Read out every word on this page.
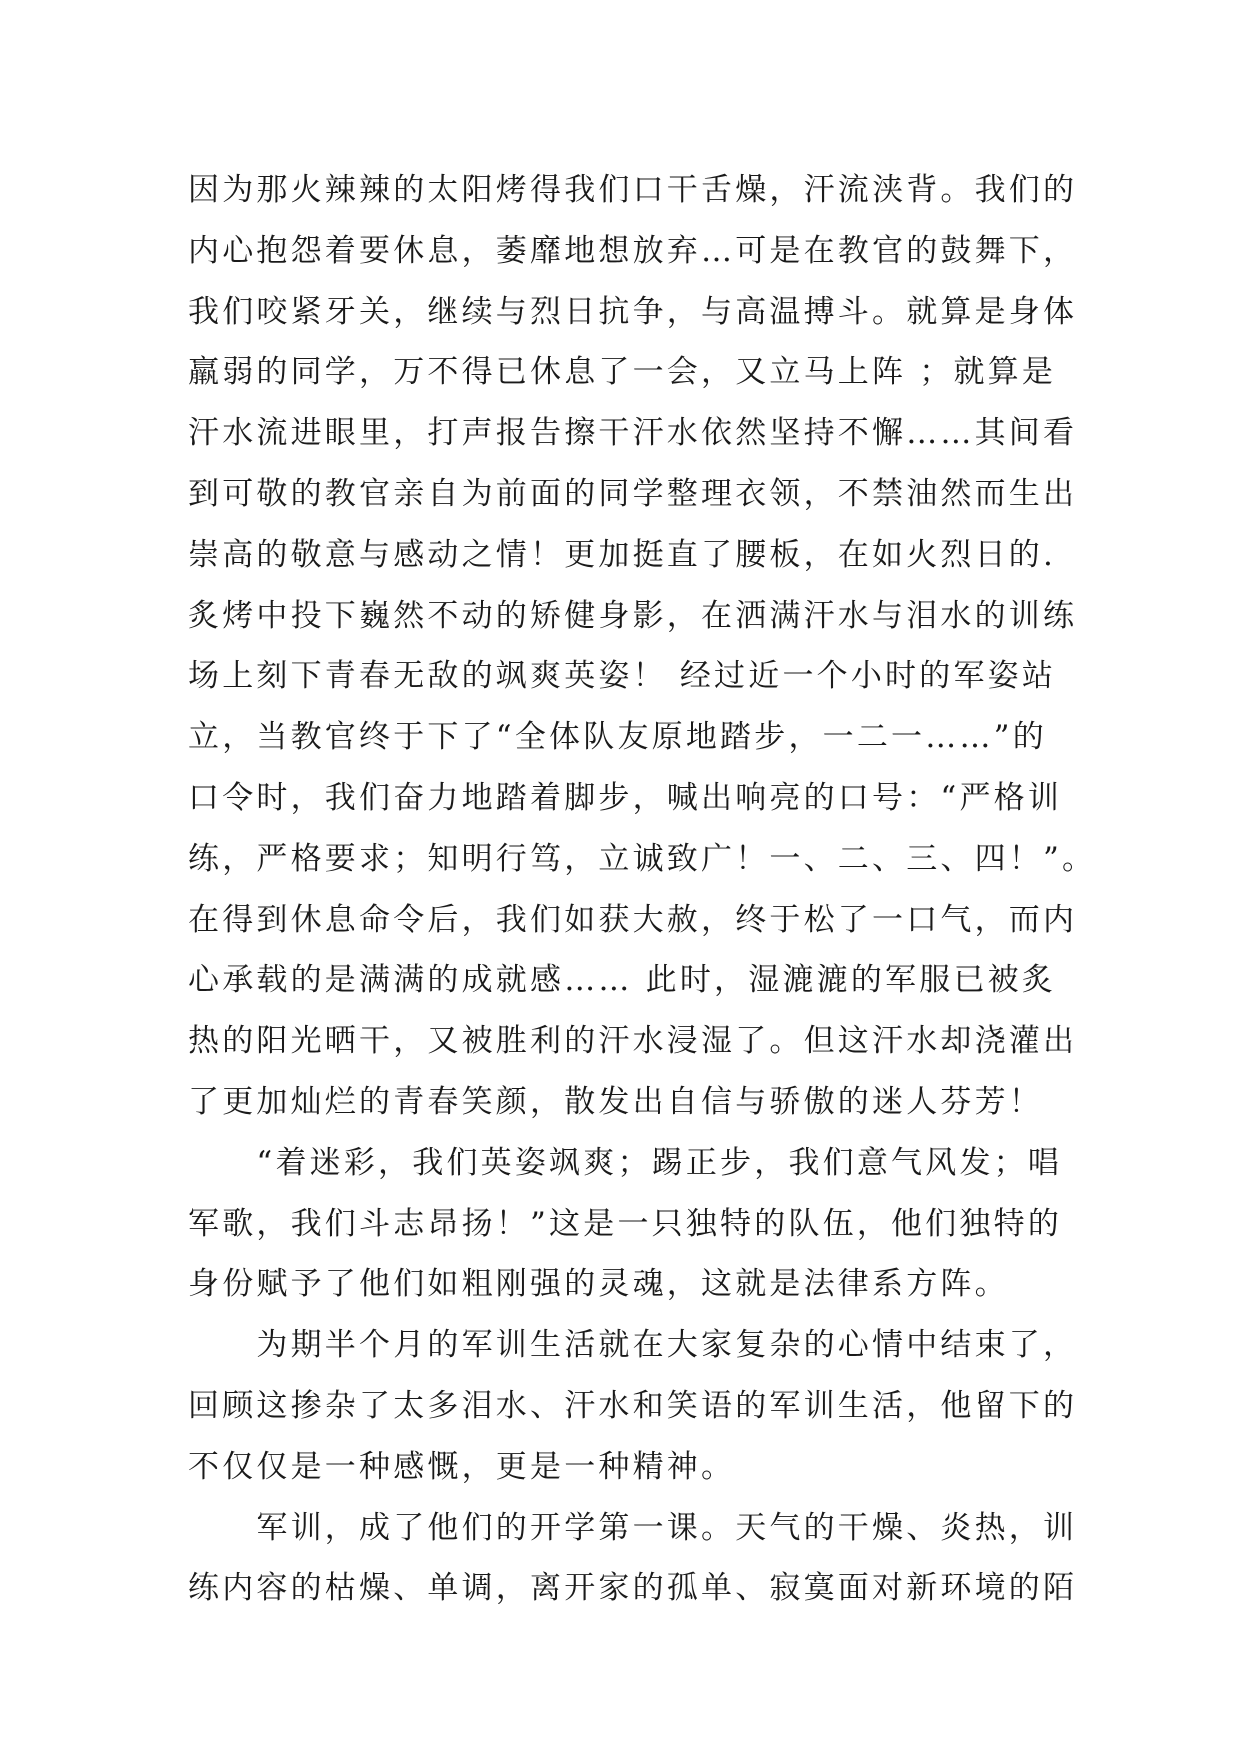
因为那火辣辣的太阳烤得我们口干舌燥，汗流浃背。我们的
内心抱怨着要休息，萎靡地想放弃…可是在教官的鼓舞下，
我们咬紧牙关，继续与烈日抗争，与高温搏斗。就算是身体
羸弱的同学，万不得已休息了一会，又立马上阵 ；就算是
汗水流进眼里，打声报告擦干汗水依然坚持不懈……其间看
到可敬的教官亲自为前面的同学整理衣领，不禁油然而生出
崇高的敬意与感动之情！更加挺直了腰板，在如火烈日的.
炙烤中投下巍然不动的矫健身影，在洒满汗水与泪水的训练
场上刻下青春无敌的飒爽英姿！ 经过近一个小时的军姿站
立，当教官终于下了“全体队友原地踏步，一二一……”的
口令时，我们奋力地踏着脚步，喊出响亮的口号：“严格训
练，严格要求；知明行笃，立诚致广！一、二、三、四！”。
在得到休息命令后，我们如获大赦，终于松了一口气，而内
心承载的是满满的成就感…… 此时，湿漉漉的军服已被炙
热的阳光晒干，又被胜利的汗水浸湿了。但这汗水却浇灌出
了更加灿烂的青春笑颜，散发出自信与骄傲的迷人芬芳！
　　“着迷彩，我们英姿飒爽；踢正步，我们意气风发；唱
军歌，我们斗志昂扬！”这是一只独特的队伍，他们独特的
身份赋予了他们如粗刚强的灵魂，这就是法律系方阵。
　　为期半个月的军训生活就在大家复杂的心情中结束了，
回顾这掺杂了太多泪水、汗水和笑语的军训生活，他留下的
不仅仅是一种感慨，更是一种精神。
　　军训，成了他们的开学第一课。天气的干燥、炎热，训
练内容的枯燥、单调，离开家的孤单、寂寞面对新环境的陌
